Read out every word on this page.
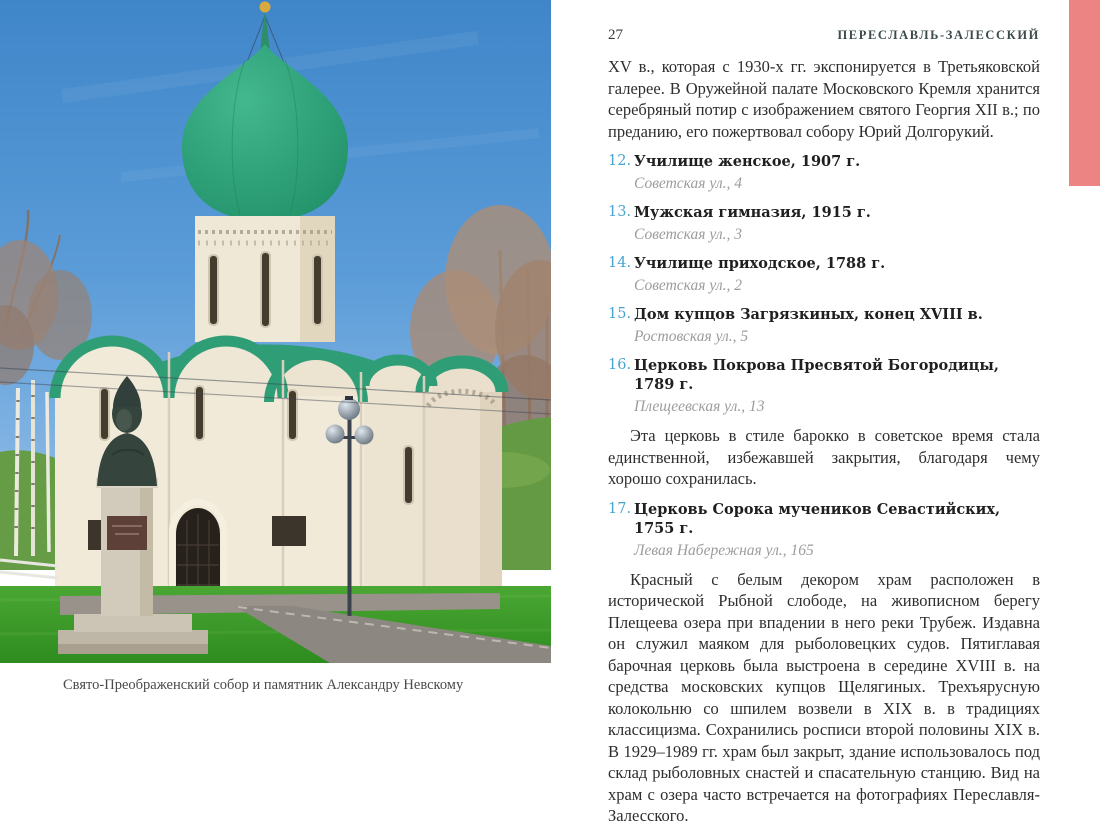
Свято-Преображенский собор и памятник Александру Невскому
27	ПЕРЕСЛАВЛЬ-ЗАЛЕССКИЙ

XV в., которая с 1930-х гг. экспонируется в Третьяковской галерее. В Оружейной палате Московского Кремля хранится серебряный потир с изображением святого Георгия XII в.; по преданию, его пожертвовал собору Юрий Долгорукий.

12. Училище женское, 1907 г.
Советская ул., 4
13. Мужская гимназия, 1915 г.
Советская ул., 3
14. Училище приходское, 1788 г.
Советская ул., 2
15. Дом купцов Загрязкиных, конец XVIII в.
Ростовская ул., 5
16. Церковь Покрова Пресвятой Богородицы, 1789 г.
Плещеевская ул., 13
Эта церковь в стиле барокко в советское время стала единственной, избежавшей закрытия, благодаря чему хорошо сохранилась.
17. Церковь Сорока мучеников Севастийских, 1755 г.
Левая Набережная ул., 165
Красный с белым декором храм расположен в исторической Рыбной слободе, на живописном берегу Плещеева озера при впадении в него реки Трубеж. Издавна он служил маяком для рыболовецких судов. Пятиглавая барочная церковь была выстроена в середине XVIII в. на средства московских купцов Щелягиных. Трехъярусную колокольню со шпилем возвели в XIX в. в традициях классицизма. Сохранились росписи второй половины XIX в. В 1929–1989 гг. храм был закрыт, здание использовалось под склад рыболовных снастей и спасательную станцию. Вид на храм с озера часто встречается на фотографиях Переславля-Залесского.
